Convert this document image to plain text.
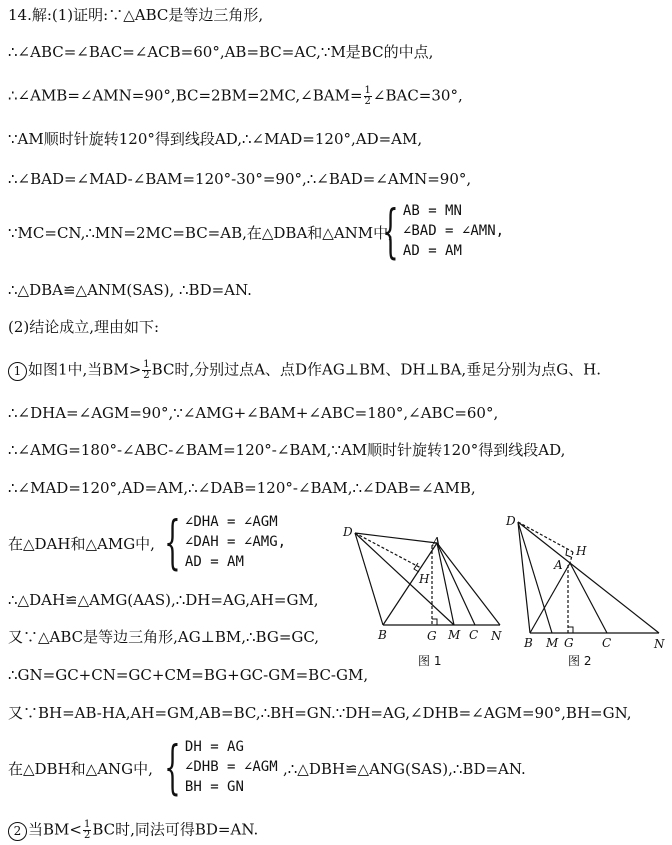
14.解:(1)证明:∵△ABC是等边三角形,
∴∠ABC=∠BAC=∠ACB=60°,AB=BC=AC,∵M是BC的中点,
∴∠AMB=∠AMN=90°,BC=2BM=2MC,∠BAM= $\frac{1}{2}$ ∠BAC=30°,
∵AM顺时针旋转120°得到线段AD,∴∠MAD=120°,AD=AM,
∴∠BAD=∠MAD-∠BAM=120°-30°=90°,∴∠BAD=∠AMN=90°,
∵MC=CN,∴MN=2MC=BC=AB,在△DBA和△ANM中,
{ AB = MN
∠BAD = ∠AMN,
AD = AM
∴△DBA≌△ANM(SAS), ∴BD=AN.
(2)结论成立,理由如下:
1 如图1中,当$BM> \frac{1}{2}$ BC时,分别过点A、点D作AG⊥BM、DH⊥BA,垂足分别为点G、H.
∴∠DHA=∠AGM=90°,∵∠AMG+∠BAM+∠ABC=180°,∠ABC=60°,
∴∠AMG=180°-∠ABC-∠BAM=120°-∠BAM,∵AM顺时针旋转120°得到线段AD,
∴∠MAD=120°,AD=AM,∴∠DAB=120°-∠BAM,∴∠DAB=∠AMB,
在△DAH和△AMG中, { ∠DHA = ∠AGM
∠DAH = ∠AMG,
AD = AM
∴△DAH≌△AMG(AAS),∴DH=AG,AH=GM,
又∵△ABC是等边三角形,AG⊥BM,∴BG=GC,
∴GN=GC+CN=GC+CM=BG+GC-GM=BC-GM,
又∵BH=AB-HA,AH=GM,AB=BC,∴BH=GN.∵DH=AG,∠DHB=∠AGM=90°,BH=GN,
在△DBH和△ANG中, { DH = AG
∠DHB = ∠AGM
BH = GN
,∴△DBH≌△ANG(SAS),∴BD=AN.
2 当$BM< \frac{1}{2}$ BC时,同法可得BD=AN.
D
A
H
B	G M C N
图 1
D
H
A
B M G C	N
图 2
